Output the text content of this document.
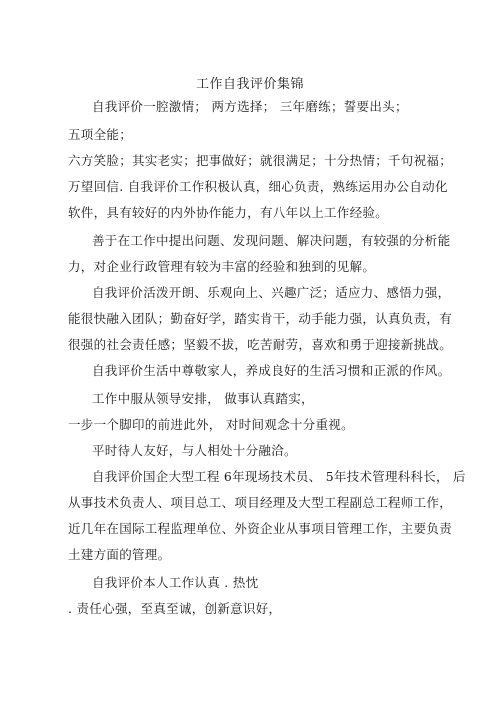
工作自我评价集锦
自我评价一腔激情； 两方选择； 三年磨练；誓要出头；
五项全能；
六方笑脸；其实老实；把事做好；就很满足；十分热情；千句祝福；
万望回信. 自我评价工作积极认真，细心负责，熟练运用办公自动化
软件，具有较好的内外协作能力，有八年以上工作经验。
善于在工作中提出问题、发现问题、解决问题，有较强的分析能
力，对企业行政管理有较为丰富的经验和独到的见解。
自我评价活泼开朗、乐观向上、兴趣广泛；适应力、感悟力强，
能很快融入团队；勤奋好学，踏实肯干，动手能力强，认真负责，有
很强的社会责任感；坚毅不拔，吃苦耐劳，喜欢和勇于迎接新挑战。
自我评价生活中尊敬家人，养成良好的生活习惯和正派的作风。
工作中服从领导安排， 做事认真踏实，
一步一个脚印的前进此外， 对时间观念十分重视。
平时待人友好，与人相处十分融洽。
自我评价国企大型工程 6年现场技术员、 5年技术管理科科长， 后
从事技术负责人、项目总工、项目经理及大型工程副总工程师工作，
近几年在国际工程监理单位、外资企业从事项目管理工作，主要负责
土建方面的管理。
自我评价本人工作认真 . 热忱
. 责任心强，至真至诚，创新意识好，
